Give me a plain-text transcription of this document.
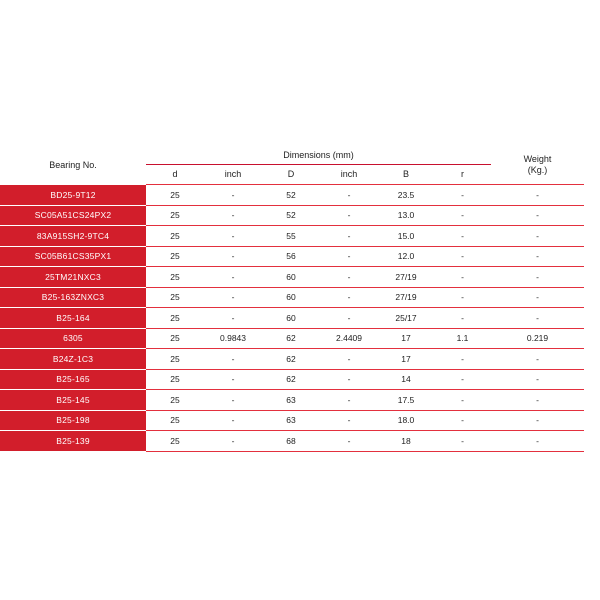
Bearing No.
Dimensions (mm)	Weight
(Kg.)
d	inch	D	inch	B	r
BD25-9T12	25	-	52	-	23.5	-	-
SC05A51CS24PX2	25	-	52	-	13.0	-	-
83A915SH2-9TC4	25	-	55	-	15.0	-	-
SC05B61CS35PX1	25	-	56	-	12.0	-	-
25TM21NXC3	25	-	60	-	27/19	-	-
B25-163ZNXC3	25	-	60	-	27/19	-	-
B25-164	25	-	60	-	25/17	-	-
6305	25	0.9843	62	2.4409	17	1.1	0.219
B24Z-1C3	25	-	62	-	17	-	-
B25-165	25	-	62	-	14	-	-
B25-145	25	-	63	-	17.5	-	-
B25-198	25	-	63	-	18.0	-	-
B25-139	25	-	68	-	18	-	-
